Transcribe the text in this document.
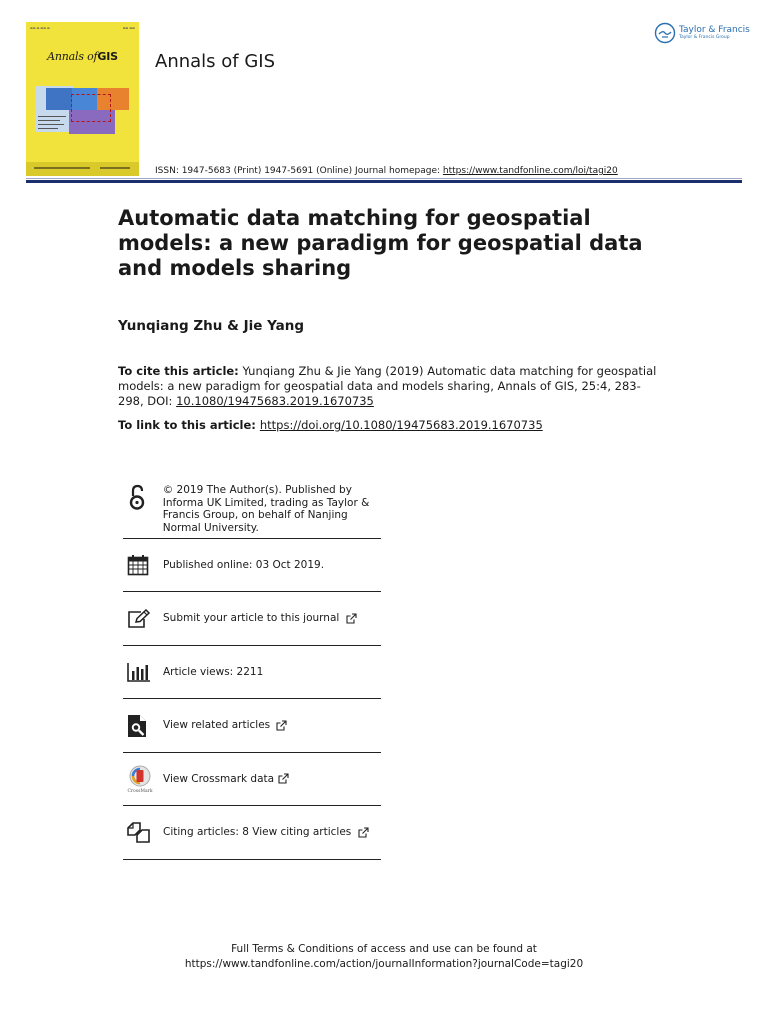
▬▬ ▬ ▬▬ ▬	▬▬ ▬▬
Annals ofGIS	Annals of GIS
Taylor & Francis
Taylor & Francis Group
ISSN: 1947-5683 (Print) 1947-5691 (Online) Journal homepage: https://www.tandfonline.com/loi/tagi20
Automatic data matching for geospatial models: a new paradigm for geospatial data and models sharing
Yunqiang Zhu & Jie Yang
To cite this article: Yunqiang Zhu & Jie Yang (2019) Automatic data matching for geospatial models: a new paradigm for geospatial data and models sharing, Annals of GIS, 25:4, 283-298, DOI: 10.1080/19475683.2019.1670735
To link to this article: https://doi.org/10.1080/19475683.2019.1670735
© 2019 The Author(s). Published by Informa UK Limited, trading as Taylor & Francis Group, on behalf of Nanjing Normal University.
Published online: 03 Oct 2019.
Submit your article to this journal
Article views: 2211
View related articles
CrossMark
View Crossmark data
Citing articles: 8 View citing articles
Full Terms & Conditions of access and use can be found at
https://www.tandfonline.com/action/journalInformation?journalCode=tagi20
